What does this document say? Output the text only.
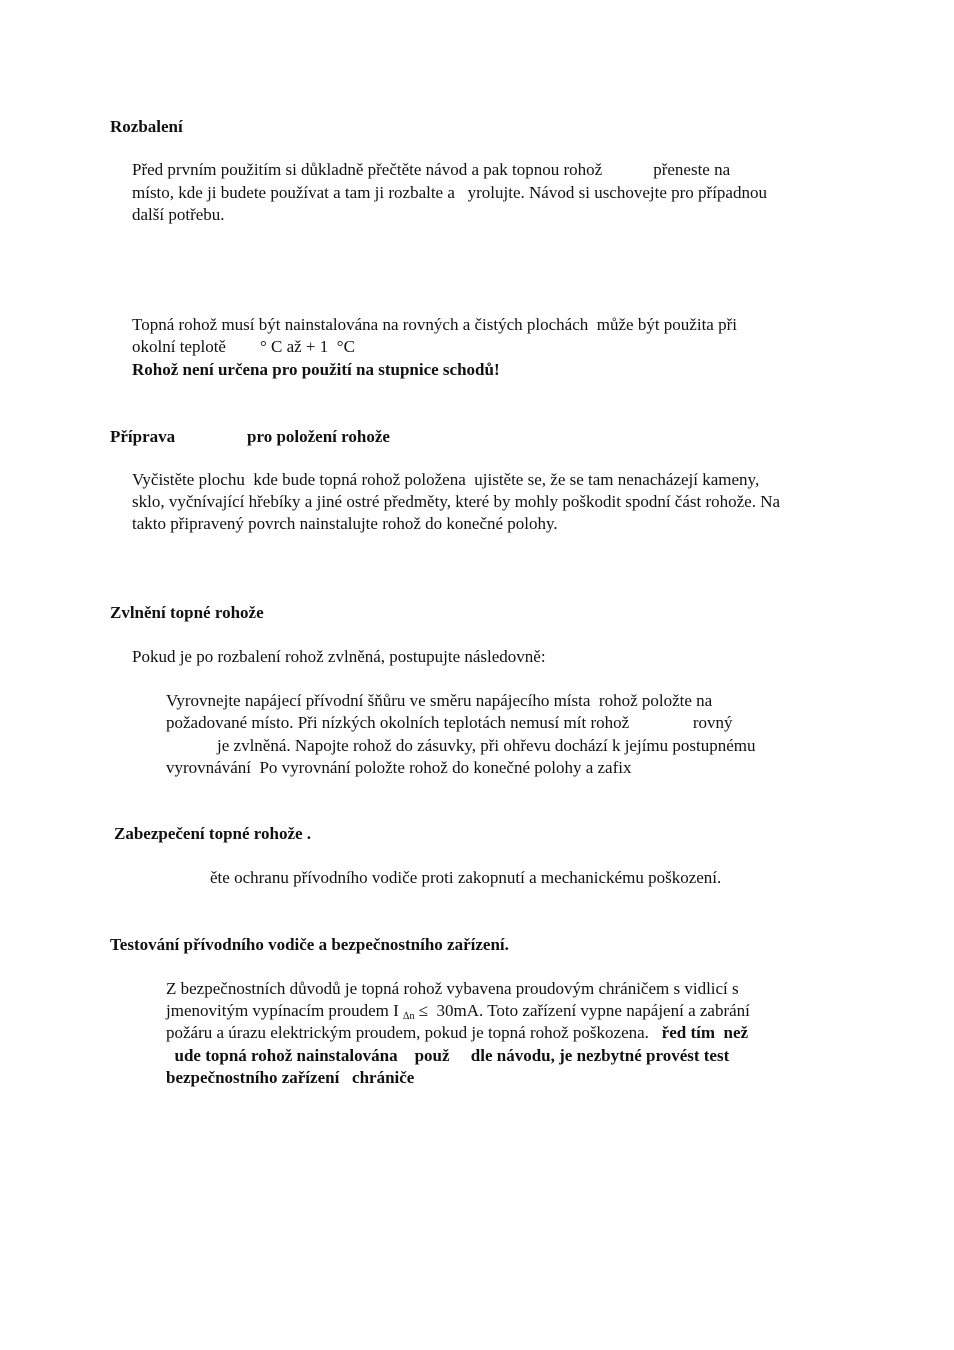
Rozbalení
Před prvním použitím si důkladně přečtěte návod a pak topnou rohož            přeneste na
místo, kde ji budete používat a tam ji rozbalte a   yrolujte. Návod si uschovejte pro případnou
další potřebu.
Topná rohož musí být nainstalována na rovných a čistých plochách  může být použita při
okolní teplotě        ° C až + 1  °C
Rohož není určena pro použití na stupnice schodů!
Příprava	pro položení rohože
Vyčistěte plochu  kde bude topná rohož položena  ujistěte se, že se tam nenacházejí kameny,
sklo, vyčnívající hřebíky a jiné ostré předměty, které by mohly poškodit spodní část rohože. Na
takto připravený povrch nainstalujte rohož do konečné polohy.
Zvlnění topné rohože
Pokud je po rozbalení rohož zvlněná, postupujte následovně:
Vyrovnejte napájecí přívodní šňůru ve směru napájecího místa  rohož položte na
požadované místo. Při nízkých okolních teplotách nemusí mít rohož               rovný
je zvlněná. Napojte rohož do zásuvky, při ohřevu dochází k jejímu postupnému
vyrovnávání  Po vyrovnání položte rohož do konečné polohy a zafix
Zabezpečení topné rohože .
ěte ochranu přívodního vodiče proti zakopnutí a mechanickému poškození.
Testování přívodního vodiče a bezpečnostního zařízení.
Z bezpečnostních důvodů je topná rohož vybavena proudovým chráničem s vidlicí s
jmenovitým vypínacím proudem I $_{\Delta n}$ ≤  30mA. Toto zařízení vypne napájení a zabrání
požáru a úrazu elektrickým proudem, pokud je topná rohož poškozena.   řed tím  než
ude topná rohož nainstalována    použ     dle návodu, je nezbytné provést test
bezpečnostního zařízení   chrániče
